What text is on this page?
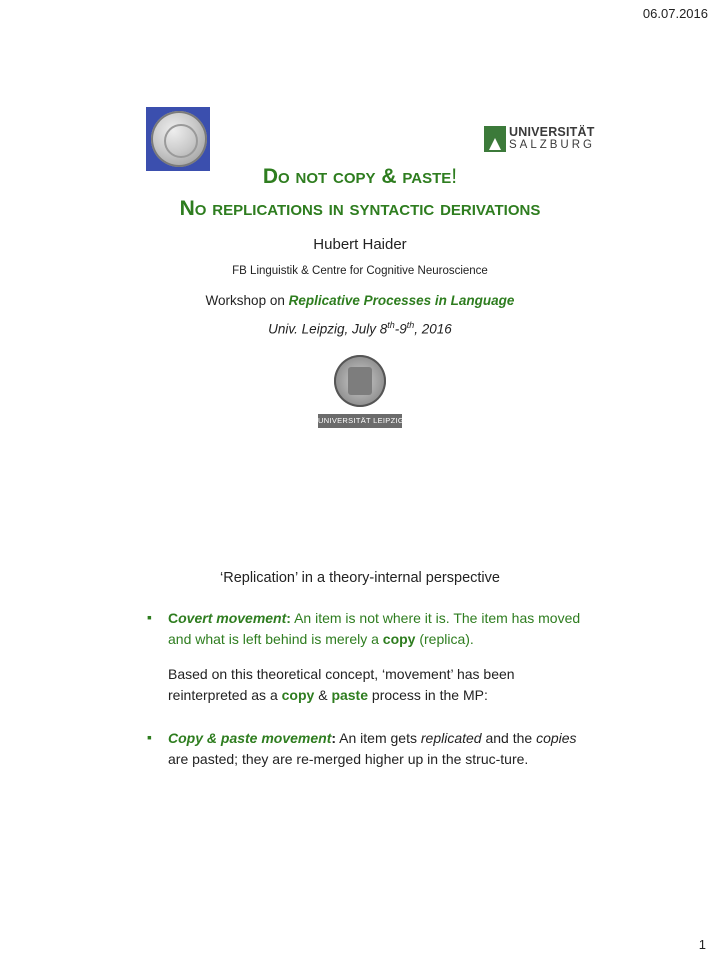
06.07.2016
UNIVERSITÄT
SALZBURG
Do not copy & paste!
No replications in syntactic derivations
Hubert Haider
FB Linguistik & Centre for Cognitive Neuroscience
Workshop on Replicative Processes in Language
Univ. Leipzig, July 8th-9th, 2016
UNIVERSITÄT LEIPZIG
‘Replication’ in a theory-internal perspective
▪
Covert movement: An item is not where it is. The item has moved and what is left behind is merely a copy (replica).
Based on this theoretical concept, ‘movement’ has been reinterpreted as a copy & paste process in the MP:
▪
Copy & paste movement: An item gets replicated and the copies are pasted; they are re-merged higher up in the struc-ture.
1
